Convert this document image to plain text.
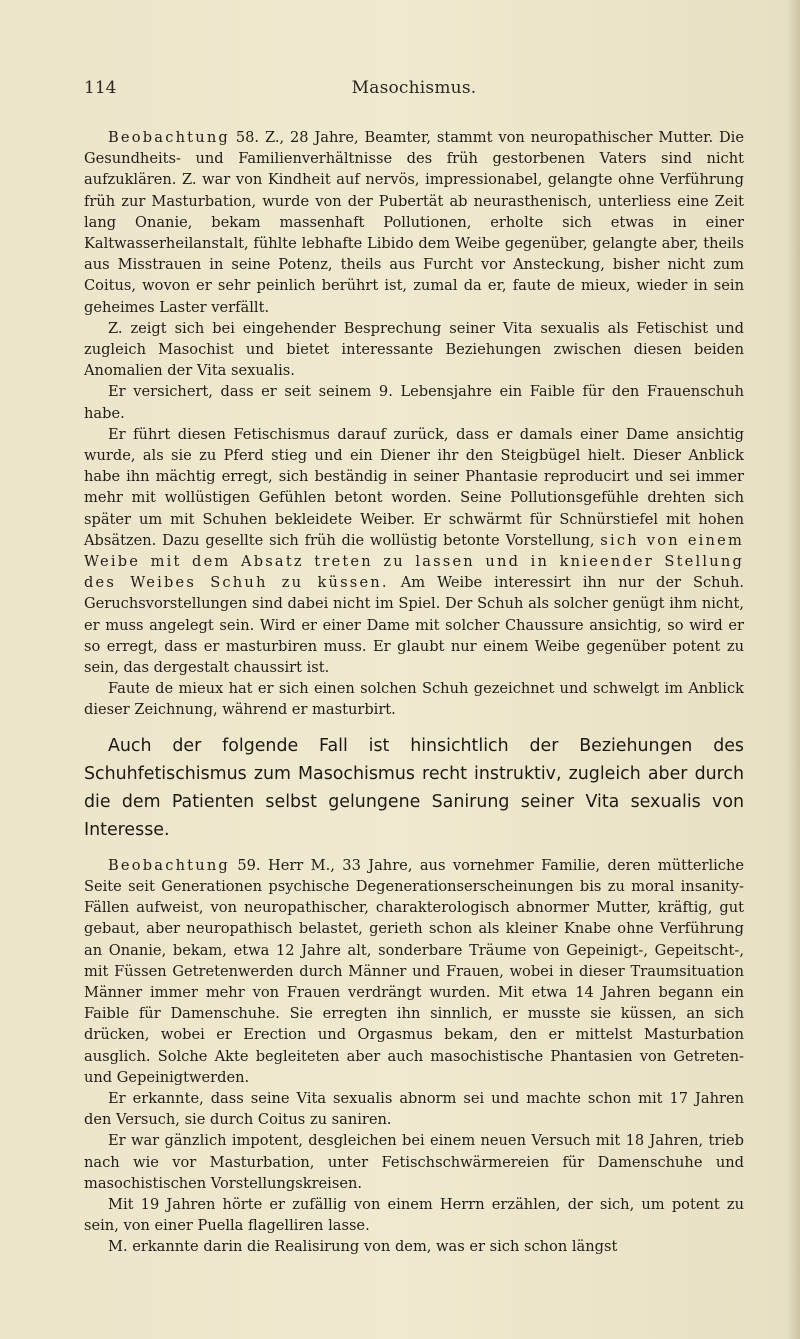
114	Masochismus.

Beobachtung 58. Z., 28 Jahre, Beamter, stammt von neuropathischer Mutter. Die Gesundheits- und Familienverhältnisse des früh gestorbenen Vaters sind nicht aufzuklären. Z. war von Kindheit auf nervös, impressionabel, gelangte ohne Verführung früh zur Masturbation, wurde von der Pubertät ab neurasthenisch, unterliess eine Zeit lang Onanie, bekam massenhaft Pollutionen, erholte sich etwas in einer Kaltwasserheilanstalt, fühlte lebhafte Libido dem Weibe gegenüber, gelangte aber, theils aus Misstrauen in seine Potenz, theils aus Furcht vor Ansteckung, bisher nicht zum Coitus, wovon er sehr peinlich berührt ist, zumal da er, faute de mieux, wieder in sein geheimes Laster verfällt.

Z. zeigt sich bei eingehender Besprechung seiner Vita sexualis als Fetischist und zugleich Masochist und bietet interessante Beziehungen zwischen diesen beiden Anomalien der Vita sexualis.

Er versichert, dass er seit seinem 9. Lebensjahre ein Faible für den Frauenschuh habe.

Er führt diesen Fetischismus darauf zurück, dass er damals einer Dame ansichtig wurde, als sie zu Pferd stieg und ein Diener ihr den Steigbügel hielt. Dieser Anblick habe ihn mächtig erregt, sich beständig in seiner Phantasie reproducirt und sei immer mehr mit wollüstigen Gefühlen betont worden. Seine Pollutionsgefühle drehten sich später um mit Schuhen bekleidete Weiber. Er schwärmt für Schnürstiefel mit hohen Absätzen. Dazu gesellte sich früh die wollüstig betonte Vorstellung, sich von einem Weibe mit dem Absatz treten zu lassen und in knieender Stellung des Weibes Schuh zu küssen. Am Weibe interessirt ihn nur der Schuh. Geruchsvorstellungen sind dabei nicht im Spiel. Der Schuh als solcher genügt ihm nicht, er muss angelegt sein. Wird er einer Dame mit solcher Chaussure ansichtig, so wird er so erregt, dass er masturbiren muss. Er glaubt nur einem Weibe gegenüber potent zu sein, das dergestalt chaussirt ist.

Faute de mieux hat er sich einen solchen Schuh gezeichnet und schwelgt im Anblick dieser Zeichnung, während er masturbirt.

Auch der folgende Fall ist hinsichtlich der Beziehungen des Schuhfetischismus zum Masochismus recht instruktiv, zugleich aber durch die dem Patienten selbst gelungene Sanirung seiner Vita sexualis von Interesse.

Beobachtung 59. Herr M., 33 Jahre, aus vornehmer Familie, deren mütterliche Seite seit Generationen psychische Degenerationserscheinungen bis zu moral insanity-Fällen aufweist, von neuropathischer, charakterologisch abnormer Mutter, kräftig, gut gebaut, aber neuropathisch belastet, gerieth schon als kleiner Knabe ohne Verführung an Onanie, bekam, etwa 12 Jahre alt, sonderbare Träume von Gepeinigt-, Gepeitscht-, mit Füssen Getretenwerden durch Männer und Frauen, wobei in dieser Traumsituation Männer immer mehr von Frauen verdrängt wurden. Mit etwa 14 Jahren begann ein Faible für Damenschuhe. Sie erregten ihn sinnlich, er musste sie küssen, an sich drücken, wobei er Erection und Orgasmus bekam, den er mittelst Masturbation ausglich. Solche Akte begleiteten aber auch masochistische Phantasien von Getreten- und Gepeinigtwerden.

Er erkannte, dass seine Vita sexualis abnorm sei und machte schon mit 17 Jahren den Versuch, sie durch Coitus zu saniren.

Er war gänzlich impotent, desgleichen bei einem neuen Versuch mit 18 Jahren, trieb nach wie vor Masturbation, unter Fetischschwärmereien für Damenschuhe und masochistischen Vorstellungskreisen.

Mit 19 Jahren hörte er zufällig von einem Herrn erzählen, der sich, um potent zu sein, von einer Puella flagelliren lasse.

M. erkannte darin die Realisirung von dem, was er sich schon längst
